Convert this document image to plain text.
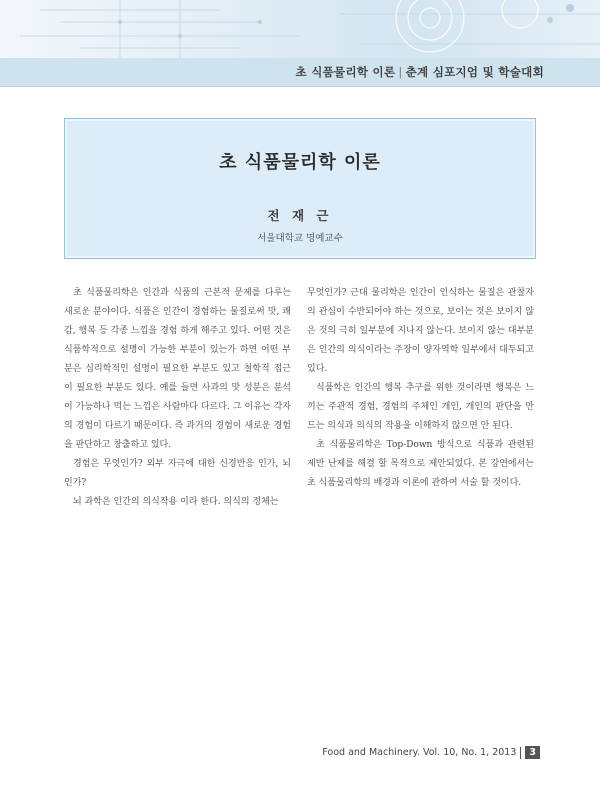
초 식품물리학 이론 | 춘계 심포지엄 및 학술대회
초 식품물리학 이론
전 재 근
서울대학교 명예교수

초 식품물리학은 인간과 식품의 근본적 문제를 다루는 새로운 분야이다. 식품은 인간이 경험하는 물질로써 맛, 쾌감, 행복 등 각종 느낌을 경험 하게 해주고 있다. 어떤 것은 식품학적으로 설명이 가능한 부분이 있는가 하면 어떤 부분은 심리학적인 설명이 필요한 부분도 있고 철학적 접근이 필요한 부분도 있다. 예를 들면 사과의 맛 성분은 분석이 가능하나 먹는 느낌은 사람마다 다르다. 그 이유는 각자의 경험이 다르기 때문이다. 즉 과거의 경험이 새로운 경험을 판단하고 창출하고 있다.

경험은 무엇인가? 외부 자극에 대한 신경반응 인가, 뇌인가?

뇌 과학은 인간의 의식작용 이라 한다. 의식의 정체는

무엇인가? 근대 물리학은 인간이 인식하는 물질은 관찰자의 관심이 수반되어야 하는 것으로, 보이는 것은 보이지 않은 것의 극히 일부분에 지나지 않는다. 보이지 않는 대부분은 인간의 의식이라는 주장이 양자역학 일부에서 대두되고 있다.

식품학은 인간의 행복 추구를 위한 것이라면 행복은 느끼는 주관적 경험, 경험의 주체인 개인, 개인의 판단을 만드는 의식과 의식의 작용을 이해하지 않으면 안 된다.

초 식품물리학은 Top-Down 방식으로 식품과 관련된 제반 난제를 해결 할 목적으로 제안되었다. 본 강연에서는 초 식품물리학의 배경과 이론에 관하여 서술 할 것이다.

Food and Machinery. Vol. 10, No. 1, 2013	3
